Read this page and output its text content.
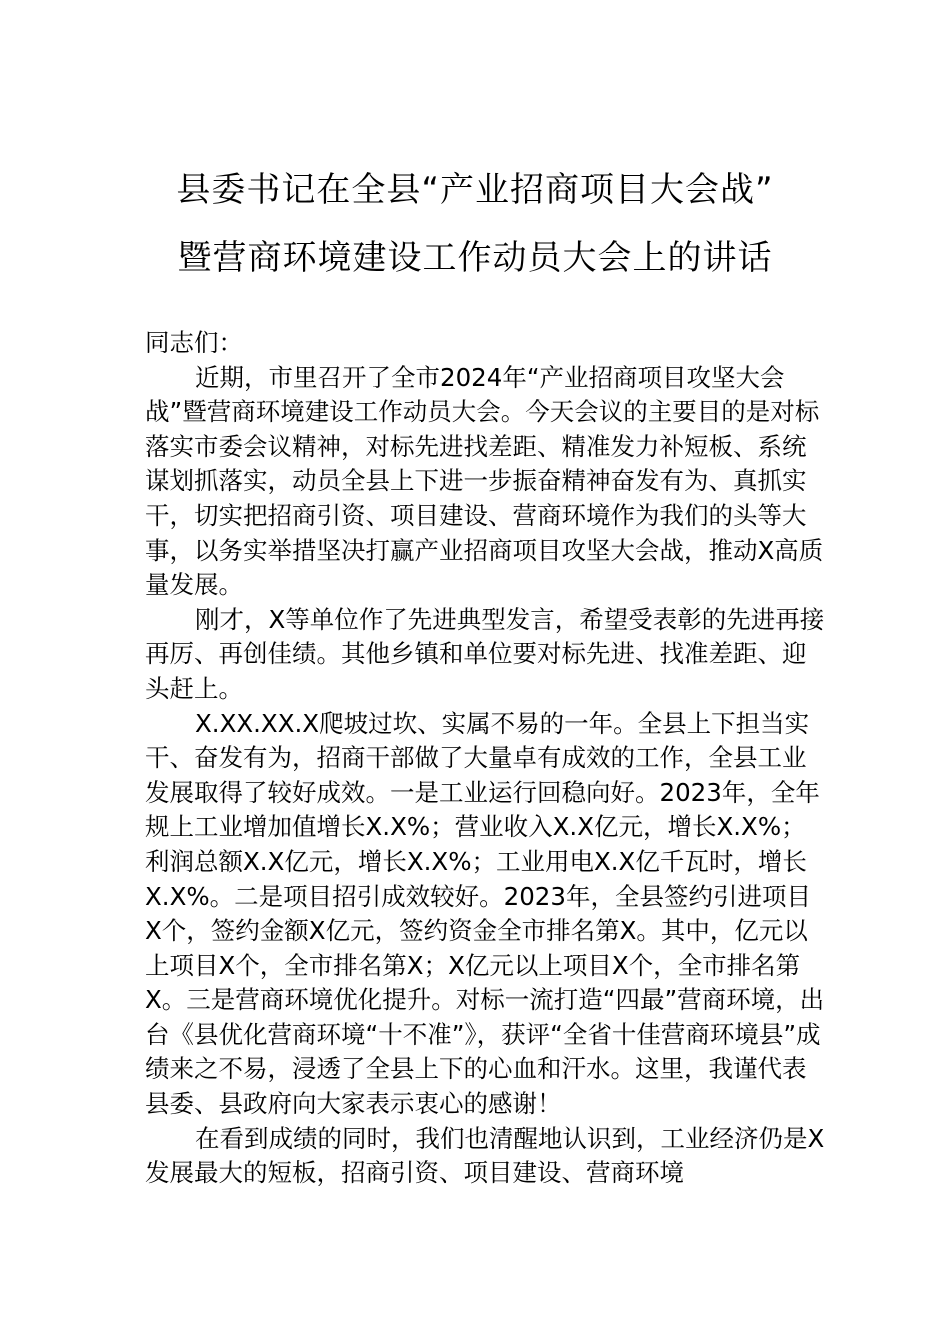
县委书记在全县“产业招商项目大会战”
暨营商环境建设工作动员大会上的讲话

同志们：

近期，市里召开了全市2024年“产业招商项目攻坚大会战”暨营商环境建设工作动员大会。今天会议的主要目的是对标落实市委会议精神，对标先进找差距、精准发力补短板、系统谋划抓落实，动员全县上下进一步振奋精神奋发有为、真抓实干，切实把招商引资、项目建设、营商环境作为我们的头等大事，以务实举措坚决打赢产业招商项目攻坚大会战，推动X高质量发展。

刚才，X等单位作了先进典型发言，希望受表彰的先进再接再厉、再创佳绩。其他乡镇和单位要对标先进、找准差距、迎头赶上。

X.XX.XX.X爬坡过坎、实属不易的一年。全县上下担当实干、奋发有为，招商干部做了大量卓有成效的工作，全县工业发展取得了较好成效。一是工业运行回稳向好。2023年，全年规上工业增加值增长X.X%；营业收入X.X亿元，增长X.X%；利润总额X.X亿元，增长X.X%；工业用电X.X亿千瓦时，增长X.X%。二是项目招引成效较好。2023年，全县签约引进项目X个，签约金额X亿元，签约资金全市排名第X。其中，亿元以上项目X个，全市排名第X；X亿元以上项目X个，全市排名第X。三是营商环境优化提升。对标一流打造“四最”营商环境，出台《县优化营商环境“十不准”》，获评“全省十佳营商环境县”成绩来之不易，浸透了全县上下的心血和汗水。这里，我谨代表县委、县政府向大家表示衷心的感谢！

在看到成绩的同时，我们也清醒地认识到，工业经济仍是X发展最大的短板，招商引资、项目建设、营商环境
